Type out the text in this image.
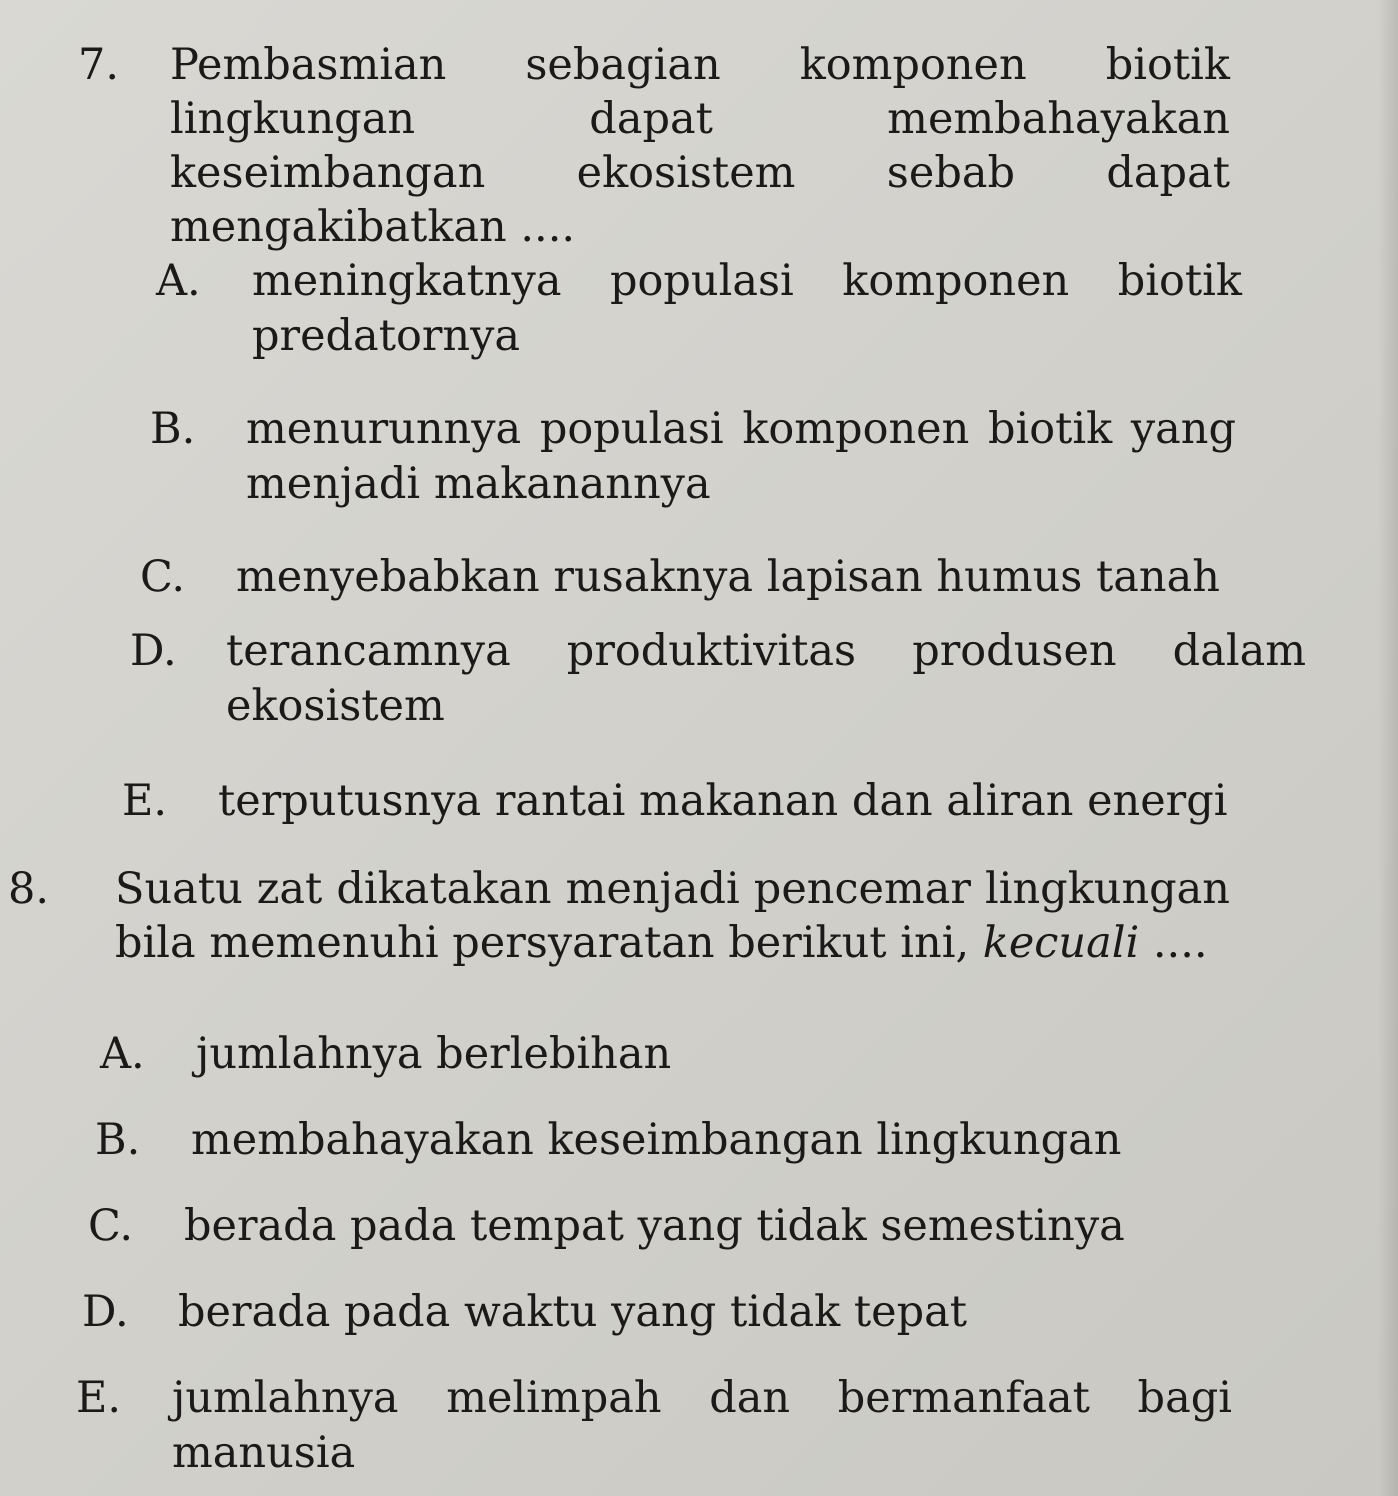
7. Pembasmian sebagian komponen biotik lingkungan dapat membahayakan keseimbangan ekosistem sebab dapat mengakibatkan ....
A. meningkatnya populasi komponen biotik predatornya
B. menurunnya populasi komponen biotik yang menjadi makanannya
C. menyebabkan rusaknya lapisan humus tanah
D. terancamnya produktivitas produsen dalam ekosistem
E. terputusnya rantai makanan dan aliran energi
8. Suatu zat dikatakan menjadi pencemar lingkungan bila memenuhi persyaratan berikut ini, kecuali ....
A. jumlahnya berlebihan
B. membahayakan keseimbangan lingkungan
C. berada pada tempat yang tidak semestinya
D. berada pada waktu yang tidak tepat
E. jumlahnya melimpah dan bermanfaat bagi manusia
